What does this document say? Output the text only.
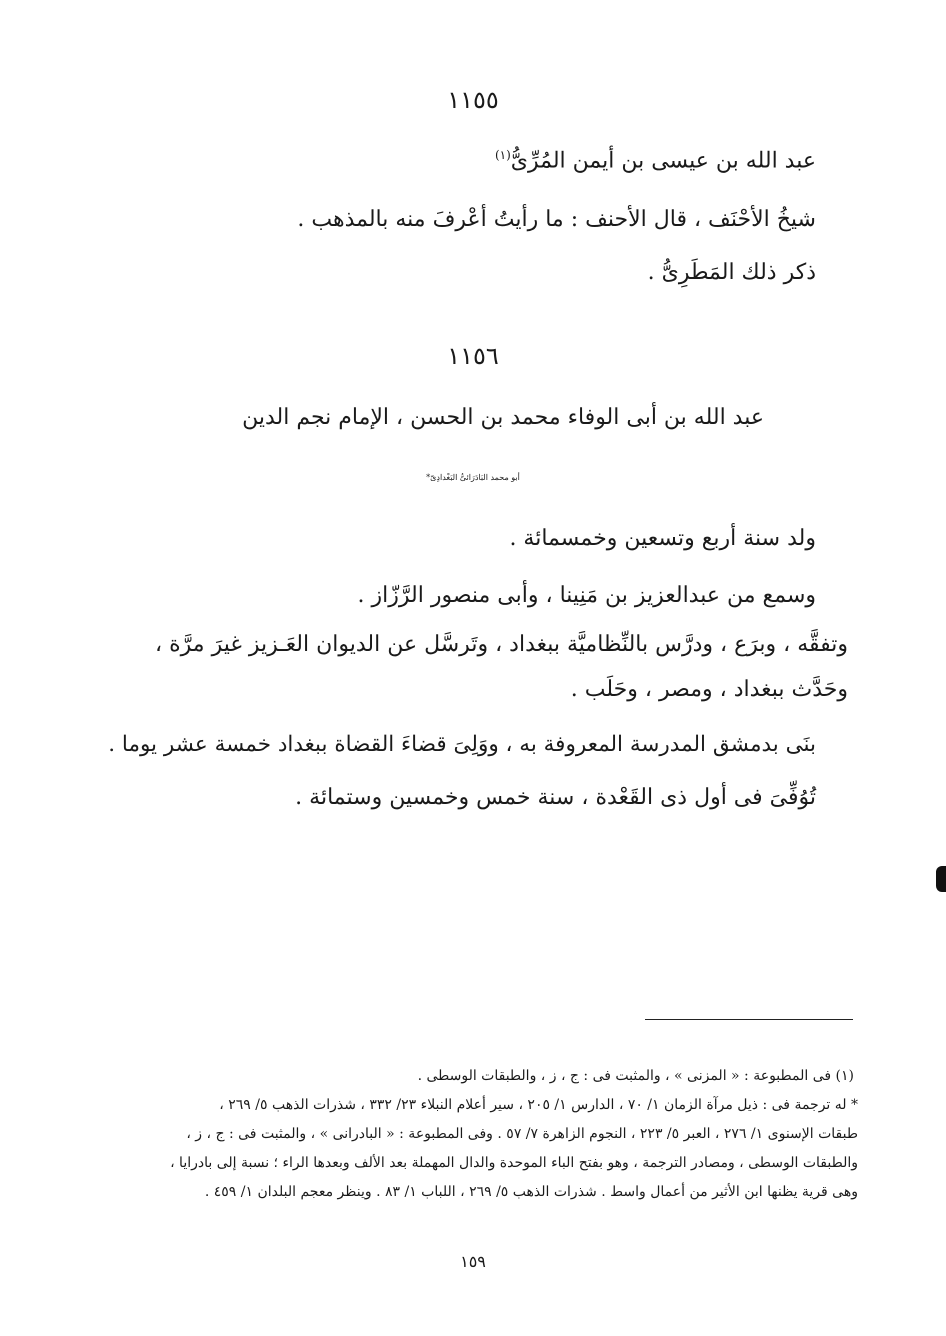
١١٥٥
عبد الله بن عيسى بن أيمن المُرِّىُّ$^{(١)}$
شيخُ الأحْنَف ، قال الأحنف : ما رأيتُ أعْرفَ منه بالمذهب .
ذكر ذلك المَطَرِىُّ .
١١٥٦
عبد الله بن أبى الوفاء محمد بن الحسن ، الإمام نجم الدين
أبو محمد البَادَرَائىُّ البَغْدادِىّ*
ولد سنة أربع وتسعين وخمسمائة .
وسمع من عبدالعزيز بن مَنِينا ، وأبى منصور الرَّزّاز .
وتفقَّه ، وبرَع ، ودرَّس بالنِّظاميَّة ببغداد ، وتَرسَّل عن الديوان العَـزيز غيرَ مرَّة ،
وحَدَّث ببغداد ، ومصر ، وحَلَب .
بنَى بدمشق المدرسة المعروفة به ، ووَلِىَ قضاءَ القضاة ببغداد خمسة عشر يوما .
تُوُفِّىَ فى أول ذى القَعْدة ، سنة خمس وخمسين وستمائة .
(١) فى المطبوعة : « المزنى » ، والمثبت فى : ج ، ز ، والطبقات الوسطى .
* له ترجمة فى : ذيل مرآة الزمان ١/ ٧٠ ، الدارس ١/ ٢٠٥ ، سير أعلام النبلاء ٢٣/ ٣٣٢ ، شذرات الذهب ٥/ ٢٦٩ ،
طبقات الإسنوى ١/ ٢٧٦ ، العبر ٥/ ٢٢٣ ، النجوم الزاهرة ٧/ ٥٧ . وفى المطبوعة : « البادرانى » ، والمثبت فى : ج ، ز ،
والطبقات الوسطى ، ومصادر الترجمة ، وهو بفتح الباء الموحدة والدال المهملة بعد الألف وبعدها الراء ؛ نسبة إلى بادرايا ،
وهى قرية يظنها ابن الأثير من أعمال واسط . شذرات الذهب ٥/ ٢٦٩ ، اللباب ١/ ٨٣ . وينظر معجم البلدان ١/ ٤٥٩ .
١٥٩
